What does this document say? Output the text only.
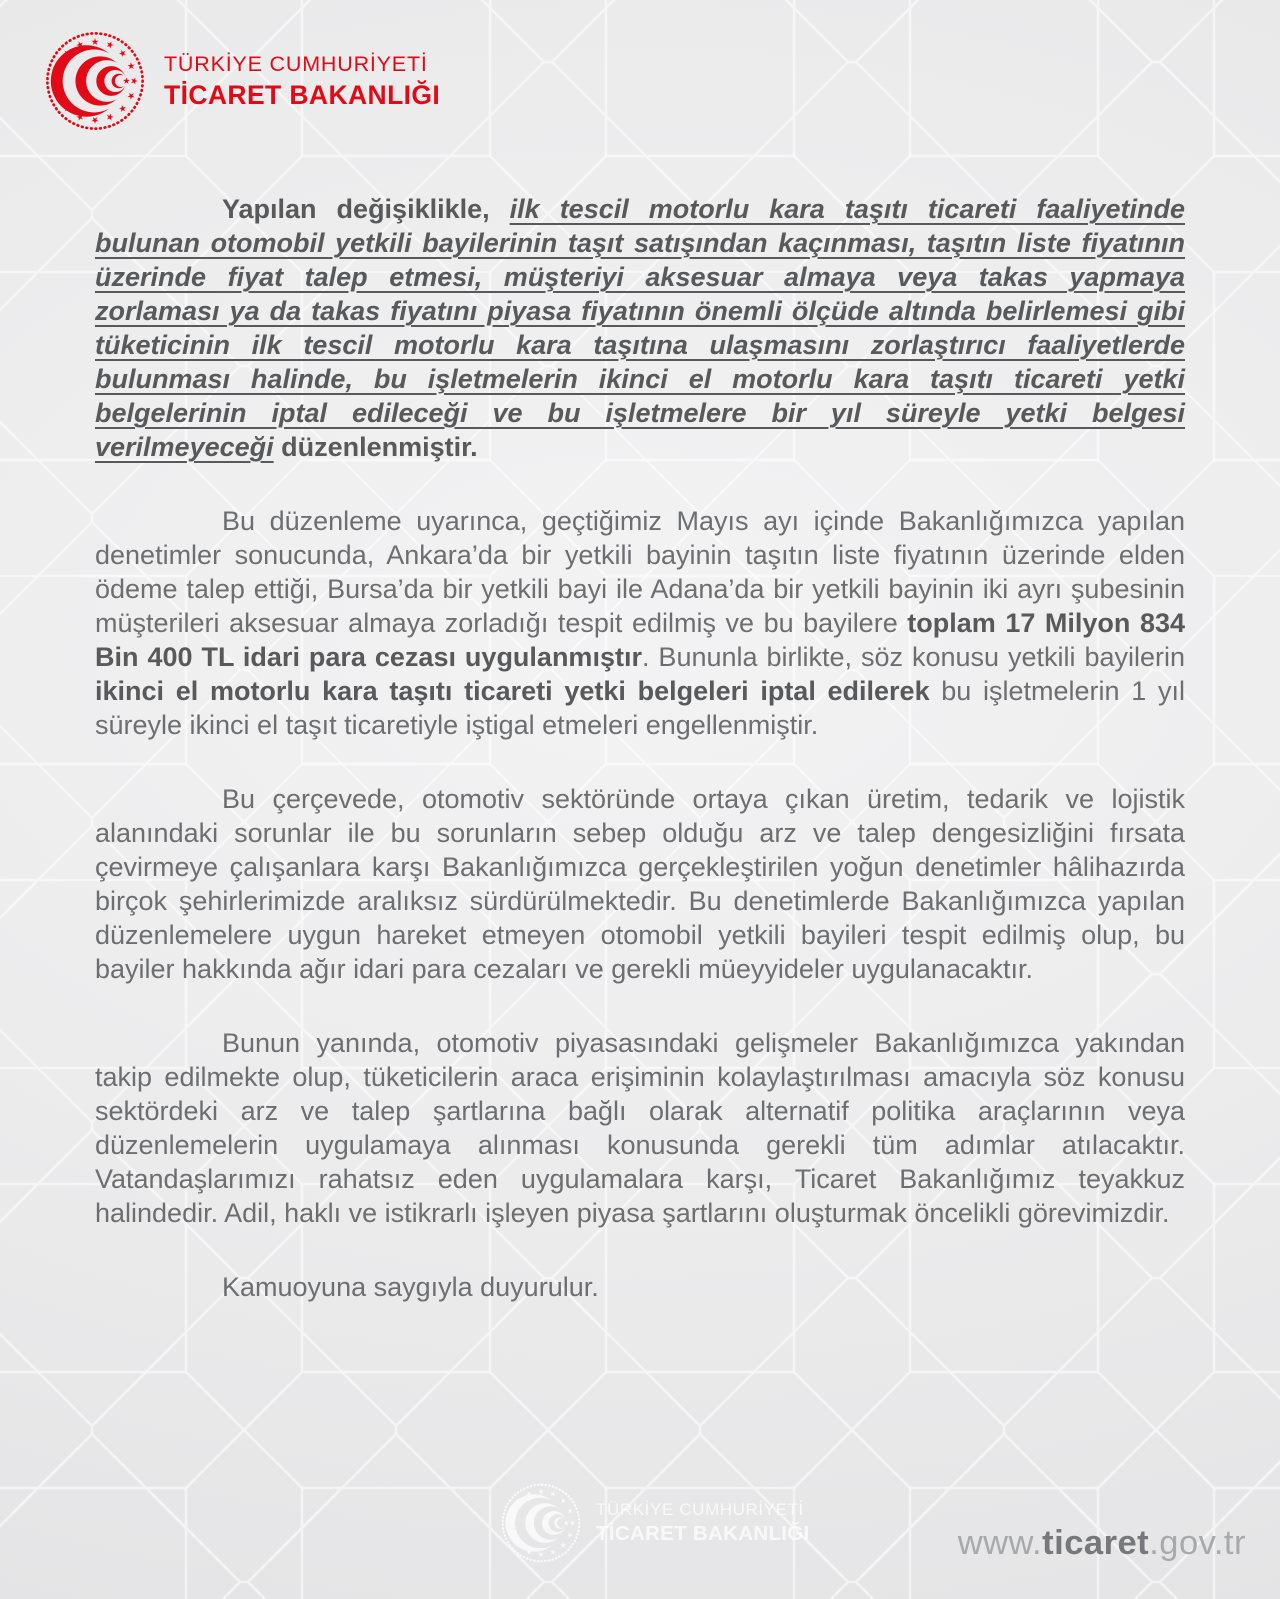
TÜRKİYE CUMHURİYETİ
TİCARET BAKANLIĞI

Yapılan değişiklikle, ilk tescil motorlu kara taşıtı ticareti faaliyetinde bulunan otomobil yetkili bayilerinin taşıt satışından kaçınması, taşıtın liste fiyatının üzerinde fiyat talep etmesi, müşteriyi aksesuar almaya veya takas yapmaya zorlaması ya da takas fiyatını piyasa fiyatının önemli ölçüde altında belirlemesi gibi tüketicinin ilk tescil motorlu kara taşıtına ulaşmasını zorlaştırıcı faaliyetlerde bulunması halinde, bu işletmelerin ikinci el motorlu kara taşıtı ticareti yetki belgelerinin iptal edileceği ve bu işletmelere bir yıl süreyle yetki belgesi verilmeyeceği düzenlenmiştir.

Bu düzenleme uyarınca, geçtiğimiz Mayıs ayı içinde Bakanlığımızca yapılan denetimler sonucunda, Ankara’da bir yetkili bayinin taşıtın liste fiyatının üzerinde elden ödeme talep ettiği, Bursa’da bir yetkili bayi ile Adana’da bir yetkili bayinin iki ayrı şubesinin müşterileri aksesuar almaya zorladığı tespit edilmiş ve bu bayilere toplam 17 Milyon 834 Bin 400 TL idari para cezası uygulanmıştır. Bununla birlikte, söz konusu yetkili bayilerin ikinci el motorlu kara taşıtı ticareti yetki belgeleri iptal edilerek bu işletmelerin 1 yıl süreyle ikinci el taşıt ticaretiyle iştigal etmeleri engellenmiştir.

Bu çerçevede, otomotiv sektöründe ortaya çıkan üretim, tedarik ve lojistik alanındaki sorunlar ile bu sorunların sebep olduğu arz ve talep dengesizliğini fırsata çevirmeye çalışanlara karşı Bakanlığımızca gerçekleştirilen yoğun denetimler hâlihazırda birçok şehirlerimizde aralıksız sürdürülmektedir. Bu denetimlerde Bakanlığımızca yapılan düzenlemelere uygun hareket etmeyen otomobil yetkili bayileri tespit edilmiş olup, bu bayiler hakkında ağır idari para cezaları ve gerekli müeyyideler uygulanacaktır.

Bunun yanında, otomotiv piyasasındaki gelişmeler Bakanlığımızca yakından takip edilmekte olup, tüketicilerin araca erişiminin kolaylaştırılması amacıyla söz konusu sektördeki arz ve talep şartlarına bağlı olarak alternatif politika araçlarının veya düzenlemelerin uygulamaya alınması konusunda gerekli tüm adımlar atılacaktır. Vatandaşlarımızı rahatsız eden uygulamalara karşı, Ticaret Bakanlığımız teyakkuz halindedir. Adil, haklı ve istikrarlı işleyen piyasa şartlarını oluşturmak öncelikli görevimizdir.

Kamuoyuna saygıyla duyurulur.

TÜRKİYE CUMHURİYETİ
TİCARET BAKANLIĞI	www.ticaret.gov.tr
